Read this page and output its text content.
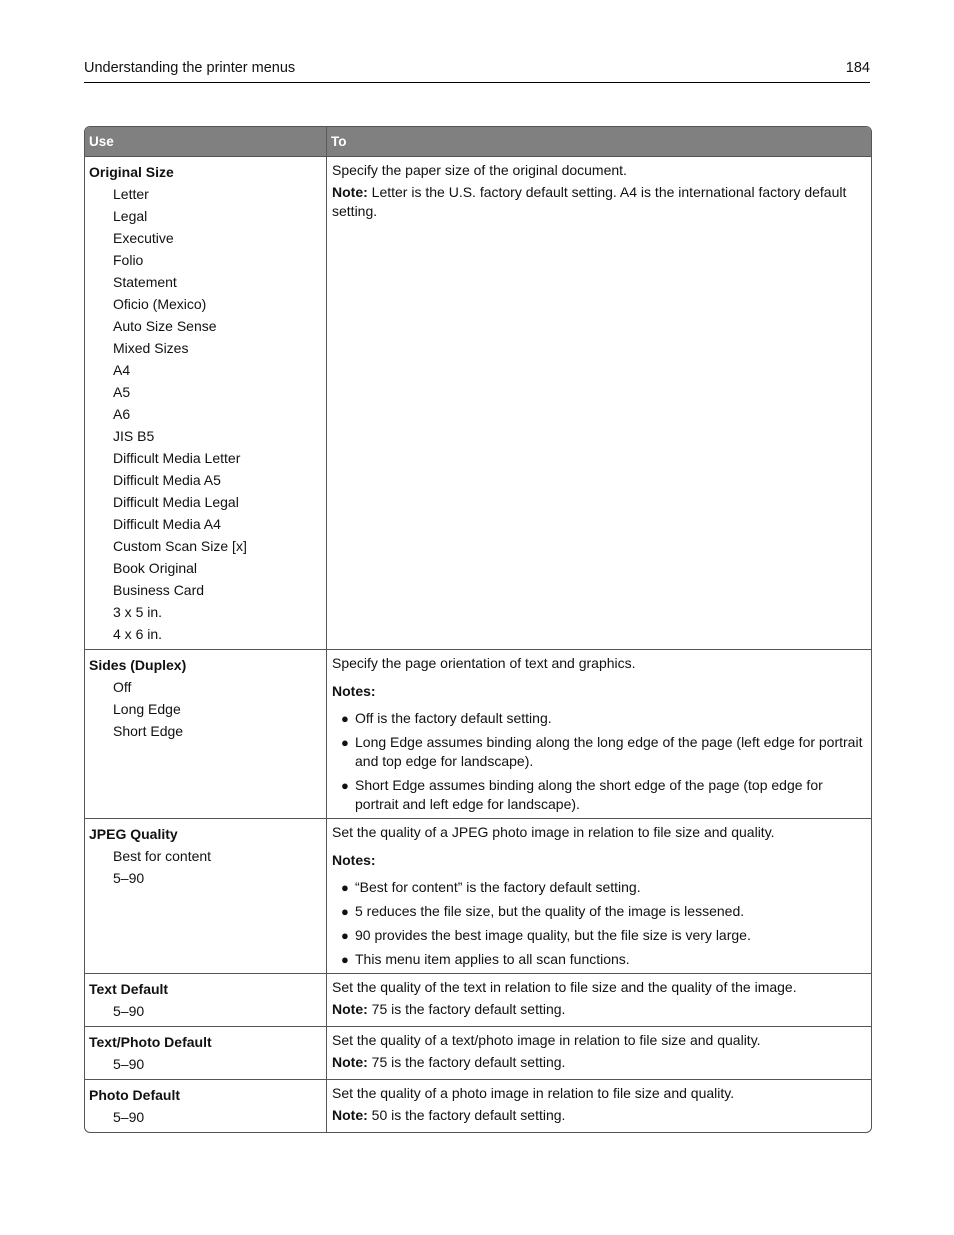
Understanding the printer menus	184
Use	To
Original Size
Letter
Legal
Executive
Folio
Statement
Oficio (Mexico)
Auto Size Sense
Mixed Sizes
A4
A5
A6
JIS B5
Difficult Media Letter
Difficult Media A5
Difficult Media Legal
Difficult Media A4
Custom Scan Size [x]
Book Original
Business Card
3 x 5 in.
4 x 6 in.
Specify the paper size of the original document.
Note: Letter is the U.S. factory default setting. A4 is the international factory default setting.
Sides (Duplex)
Off
Long Edge
Short Edge
Specify the page orientation of text and graphics.
Notes:
● Off is the factory default setting.
● Long Edge assumes binding along the long edge of the page (left edge for portrait and top edge for landscape).
● Short Edge assumes binding along the short edge of the page (top edge for portrait and left edge for landscape).
JPEG Quality
Best for content
5–90
Set the quality of a JPEG photo image in relation to file size and quality.
Notes:
● “Best for content” is the factory default setting.
● 5 reduces the file size, but the quality of the image is lessened.
● 90 provides the best image quality, but the file size is very large.
● This menu item applies to all scan functions.
Text Default
5–90
Set the quality of the text in relation to file size and the quality of the image.
Note: 75 is the factory default setting.
Text/Photo Default
5–90
Set the quality of a text/photo image in relation to file size and quality.
Note: 75 is the factory default setting.
Photo Default
5–90
Set the quality of a photo image in relation to file size and quality.
Note: 50 is the factory default setting.
